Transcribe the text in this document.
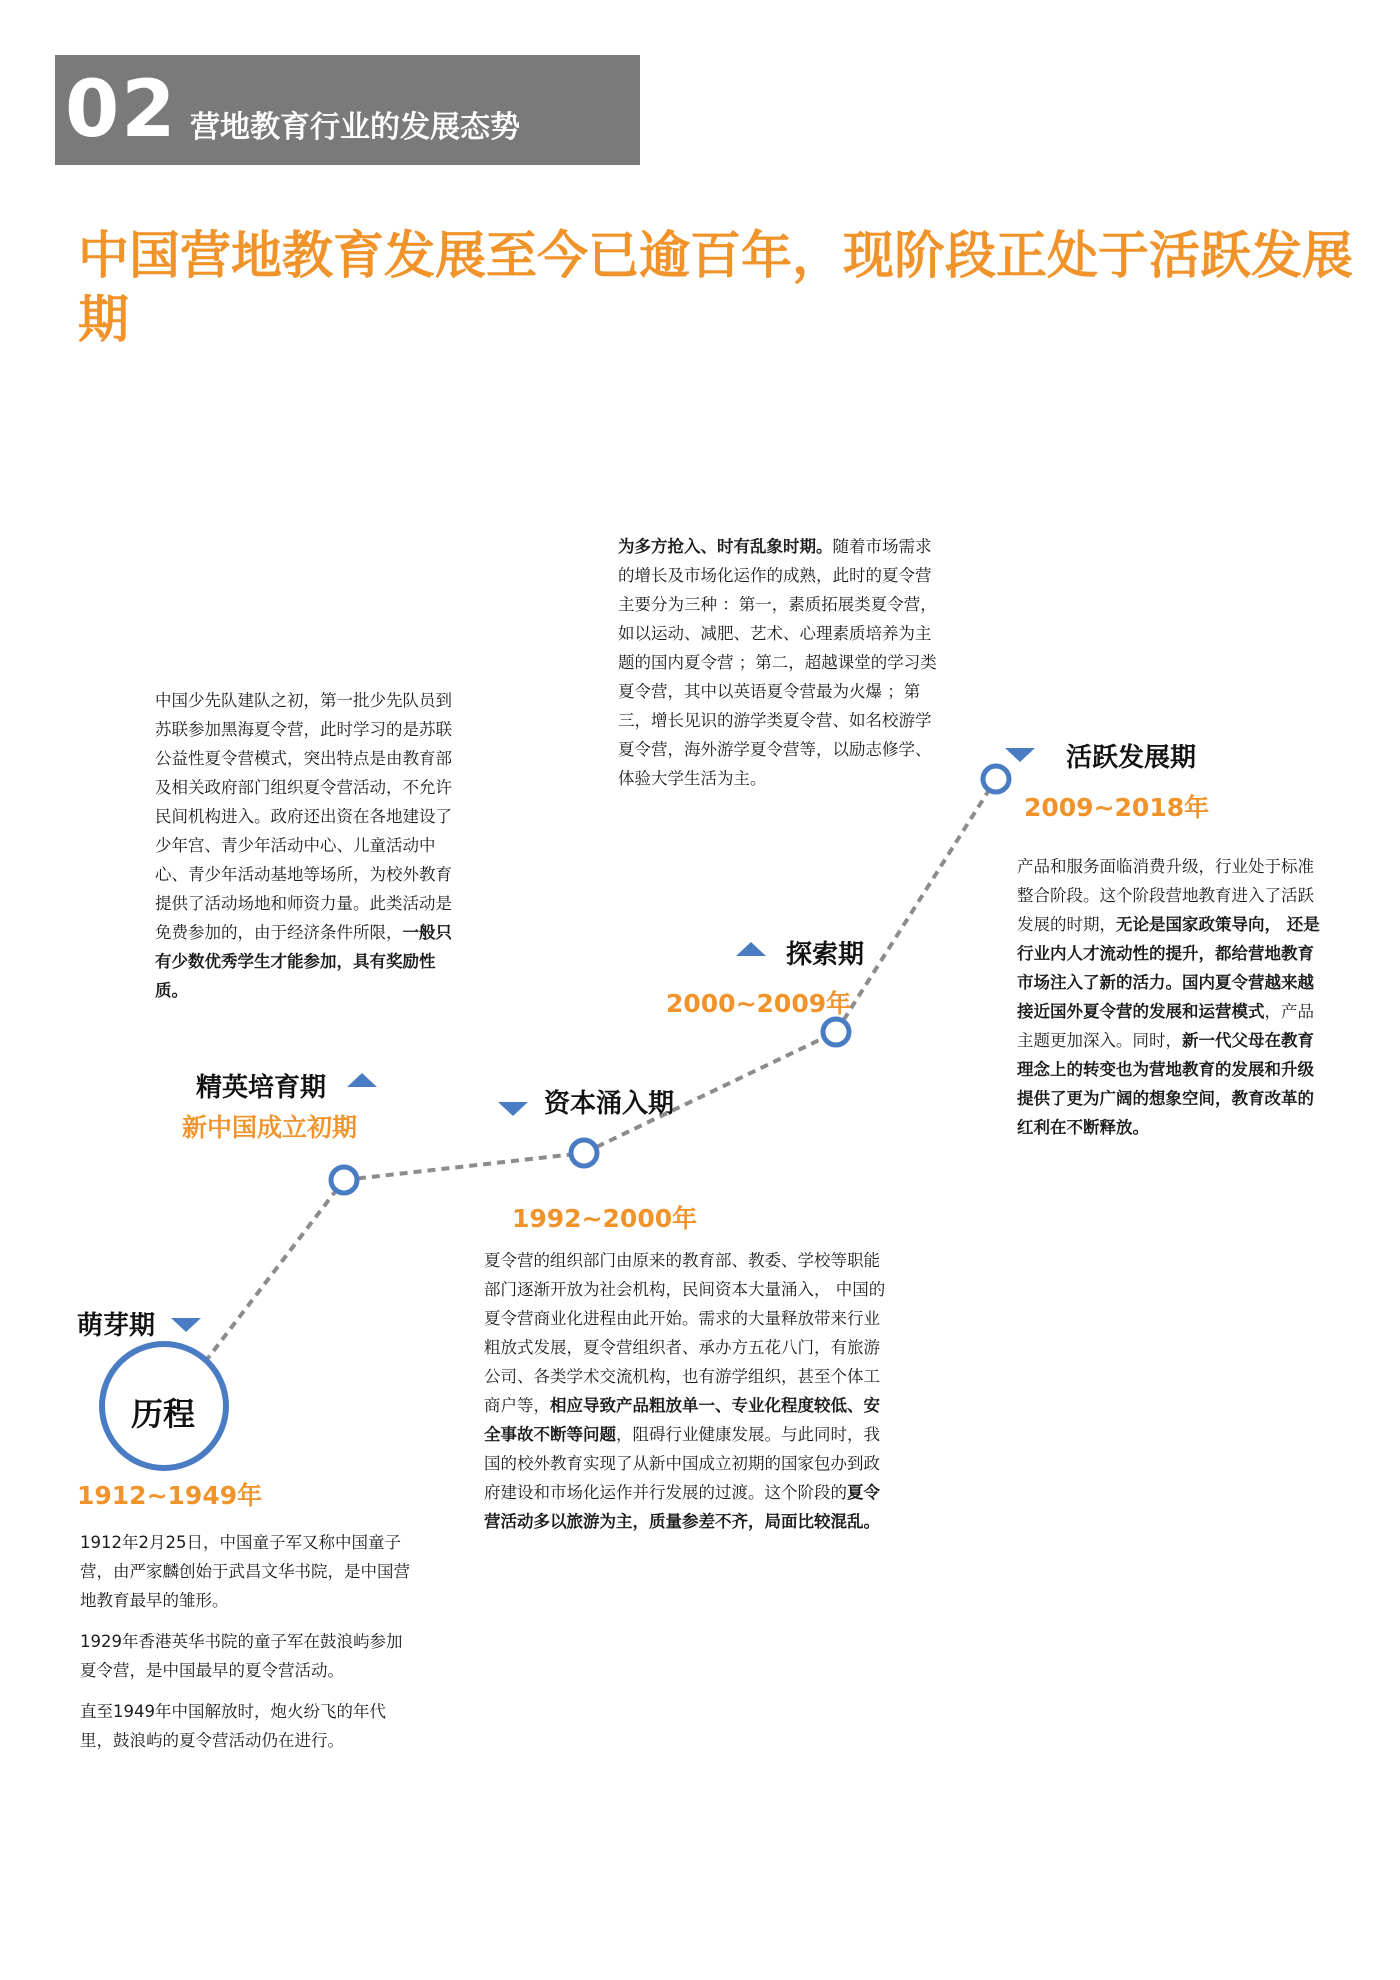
02 营地教育行业的发展态势
中国营地教育发展至今已逾百年，现阶段正处于活跃发展期
历程
萌芽期
1912~1949年

1912年2月25日，中国童子军又称中国童子营，由严家麟创始于武昌文华书院，是中国营地教育最早的雏形。

1929年香港英华书院的童子军在鼓浪屿参加夏令营，是中国最早的夏令营活动。

直至1949年中国解放时，炮火纷飞的年代里，鼓浪屿的夏令营活动仍在进行。

精英培育期
新中国成立初期
中国少先队建队之初，第一批少先队员到苏联参加黑海夏令营，此时学习的是苏联公益性夏令营模式，突出特点是由教育部及相关政府部门组织夏令营活动，不允许民间机构进入。政府还出资在各地建设了少年宫、青少年活动中心、儿童活动中心、青少年活动基地等场所，为校外教育提供了活动场地和师资力量。此类活动是免费参加的，由于经济条件所限，一般只有少数优秀学生才能参加，具有奖励性质。
资本涌入期
1992~2000年
夏令营的组织部门由原来的教育部、教委、学校等职能部门逐渐开放为社会机构，民间资本大量涌入， 中国的夏令营商业化进程由此开始。需求的大量释放带来行业粗放式发展，夏令营组织者、承办方五花八门，有旅游公司、各类学术交流机构，也有游学组织，甚至个体工商户等，相应导致产品粗放单一、专业化程度较低、安全事故不断等问题，阻碍行业健康发展。与此同时，我国的校外教育实现了从新中国成立初期的国家包办到政府建设和市场化运作并行发展的过渡。这个阶段的夏令营活动多以旅游为主，质量参差不齐，局面比较混乱。
探索期
2000~2009年
为多方抢入、时有乱象时期。随着市场需求的增长及市场化运作的成熟，此时的夏令营主要分为三种 ：第一，素质拓展类夏令营，如以运动、减肥、艺术、心理素质培养为主题的国内夏令营 ；第二，超越课堂的学习类夏令营，其中以英语夏令营最为火爆 ；第三，增长见识的游学类夏令营、如名校游学夏令营，海外游学夏令营等，以励志修学、体验大学生活为主。
活跃发展期
2009~2018年
产品和服务面临消费升级，行业处于标准整合阶段。这个阶段营地教育进入了活跃发展的时期，无论是国家政策导向， 还是行业内人才流动性的提升，都给营地教育市场注入了新的活力。国内夏令营越来越接近国外夏令营的发展和运营模式，产品主题更加深入。同时，新一代父母在教育理念上的转变也为营地教育的发展和升级提供了更为广阔的想象空间，教育改革的红利在不断释放。
